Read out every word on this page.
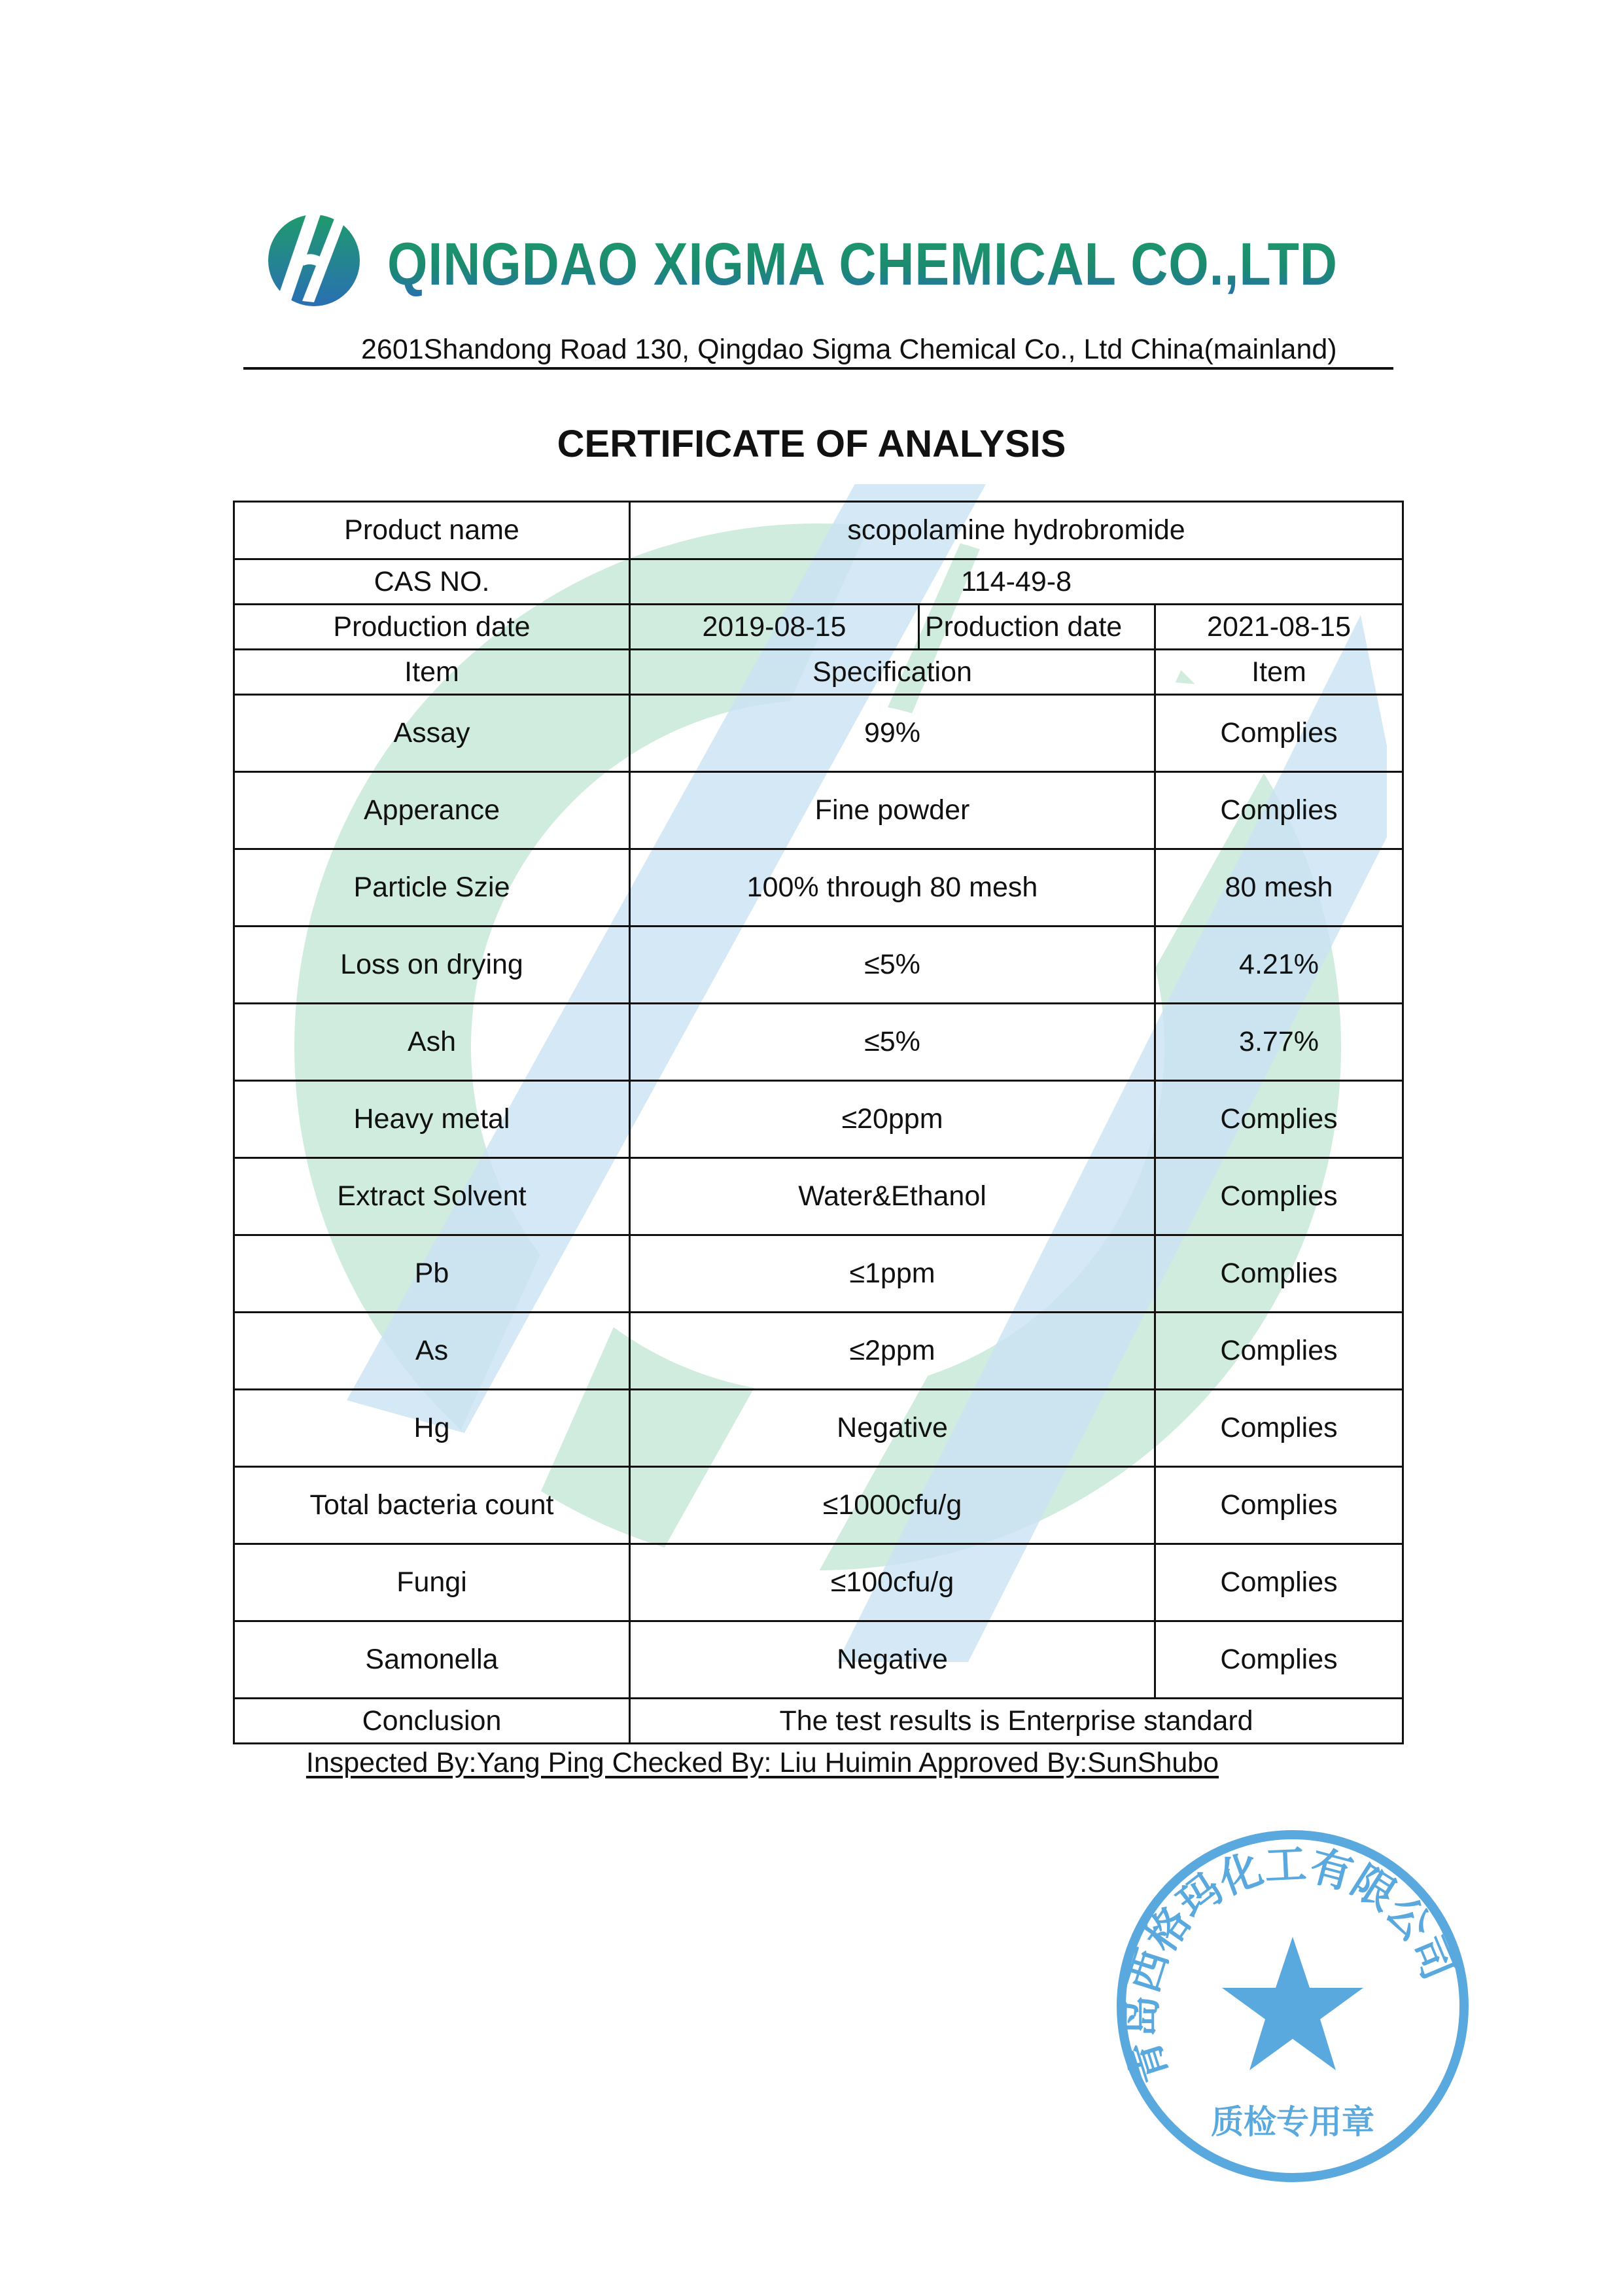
QINGDAO XIGMA CHEMICAL CO.,LTD
2601Shandong Road 130, Qingdao Sigma Chemical Co., Ltd China(mainland)
CERTIFICATE OF ANALYSIS
Product name	scopolamine hydrobromide		
CAS NO.	114-49-8		
Production date	2019-08-15	Production date	2021-08-15
Item	Specification		Item
Assay	99%		Complies
Apperance	Fine powder		Complies
Particle Szie	100% through 80 mesh		80 mesh
Loss on drying	≤5%		4.21%
Ash	≤5%		3.77%
Heavy metal	≤20ppm		Complies
Extract Solvent	Water&Ethanol		Complies
Pb	≤1ppm		Complies
As	≤2ppm		Complies
Hg	Negative		Complies
Total bacteria count	≤1000cfu/g		Complies
Fungi	≤100cfu/g		Complies
Samonella	Negative		Complies
Conclusion	The test results is Enterprise standard		
Inspected By:Yang Ping Checked By: Liu Huimin Approved By:SunShubo
青岛西格玛化工有限公司
质检专用章
